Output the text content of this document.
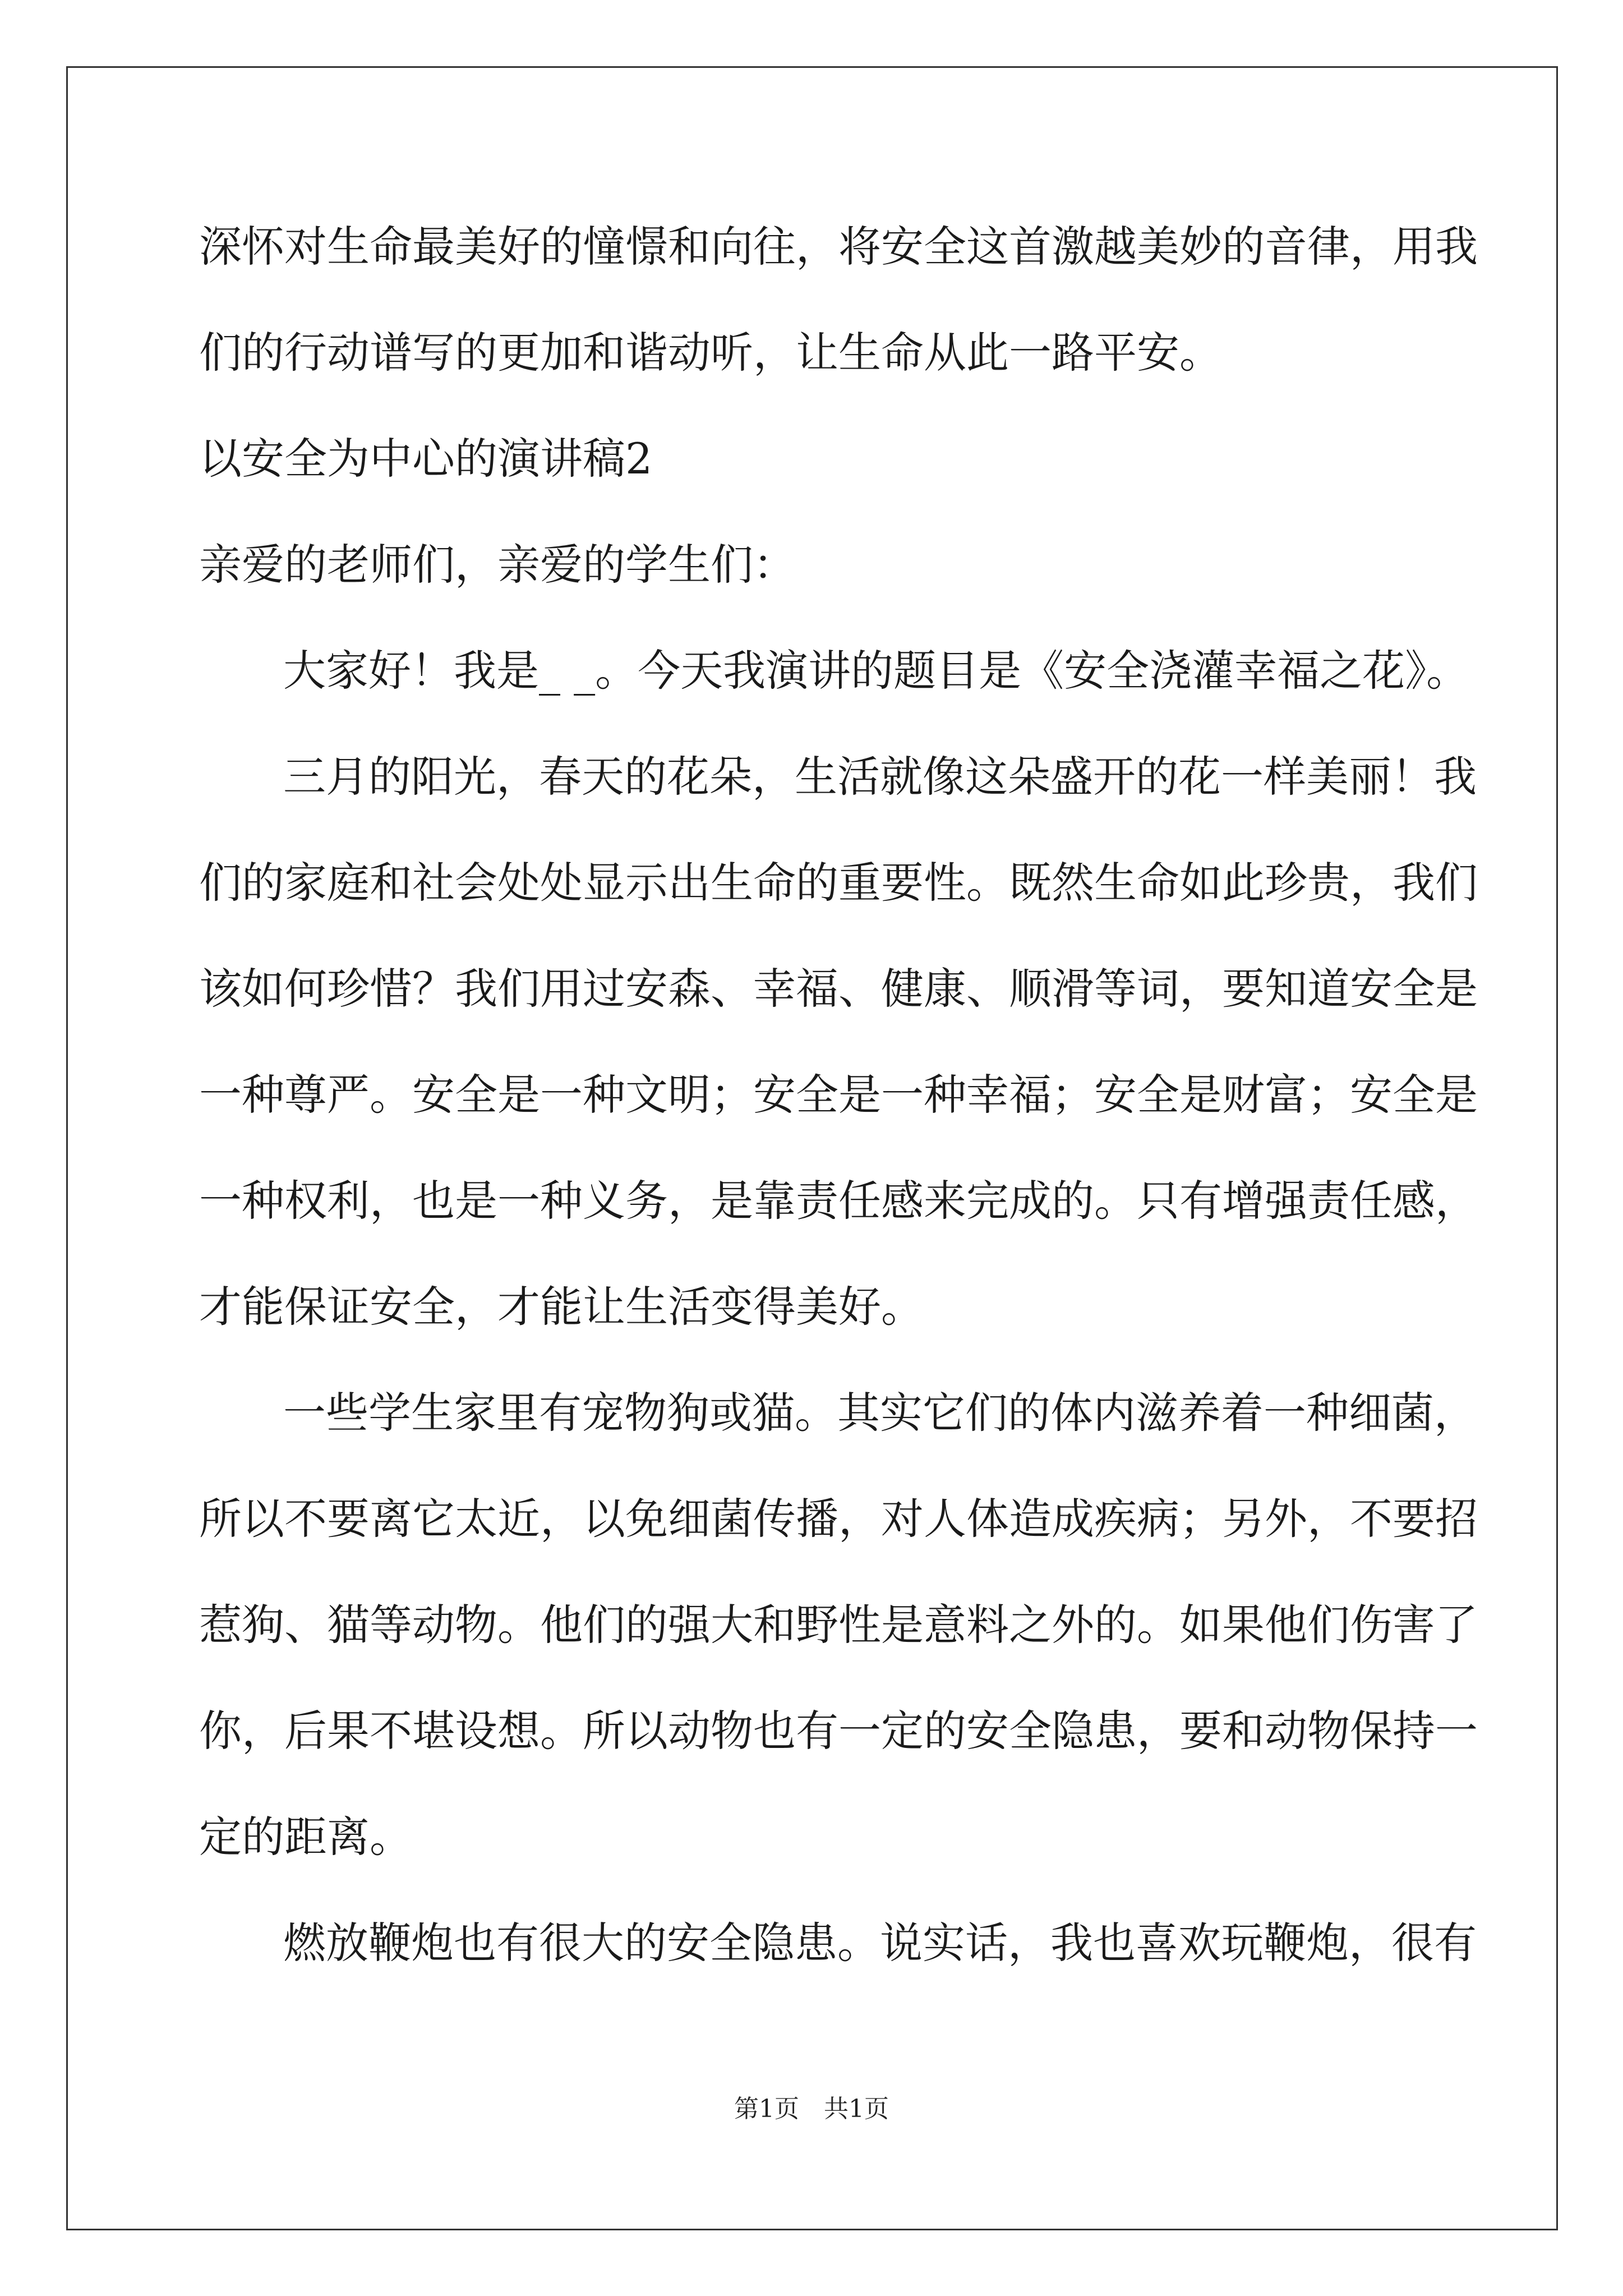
深怀对生命最美好的憧憬和向往，将安全这首激越美妙的音律，用我
们的行动谱写的更加和谐动听，让生命从此一路平安。
以安全为中心的演讲稿2
亲爱的老师们，亲爱的学生们：
大家好！我是_ _。今天我演讲的题目是《安全浇灌幸福之花》。
三月的阳光，春天的花朵，生活就像这朵盛开的花一样美丽！我
们的家庭和社会处处显示出生命的重要性。既然生命如此珍贵，我们
该如何珍惜？我们用过安森、幸福、健康、顺滑等词，要知道安全是
一种尊严。安全是一种文明；安全是一种幸福；安全是财富；安全是
一种权利，也是一种义务，是靠责任感来完成的。只有增强责任感，
才能保证安全，才能让生活变得美好。
一些学生家里有宠物狗或猫。其实它们的体内滋养着一种细菌，
所以不要离它太近，以免细菌传播，对人体造成疾病；另外，不要招
惹狗、猫等动物。他们的强大和野性是意料之外的。如果他们伤害了
你，后果不堪设想。所以动物也有一定的安全隐患，要和动物保持一
定的距离。
燃放鞭炮也有很大的安全隐患。说实话，我也喜欢玩鞭炮，很有
第1页　共1页
